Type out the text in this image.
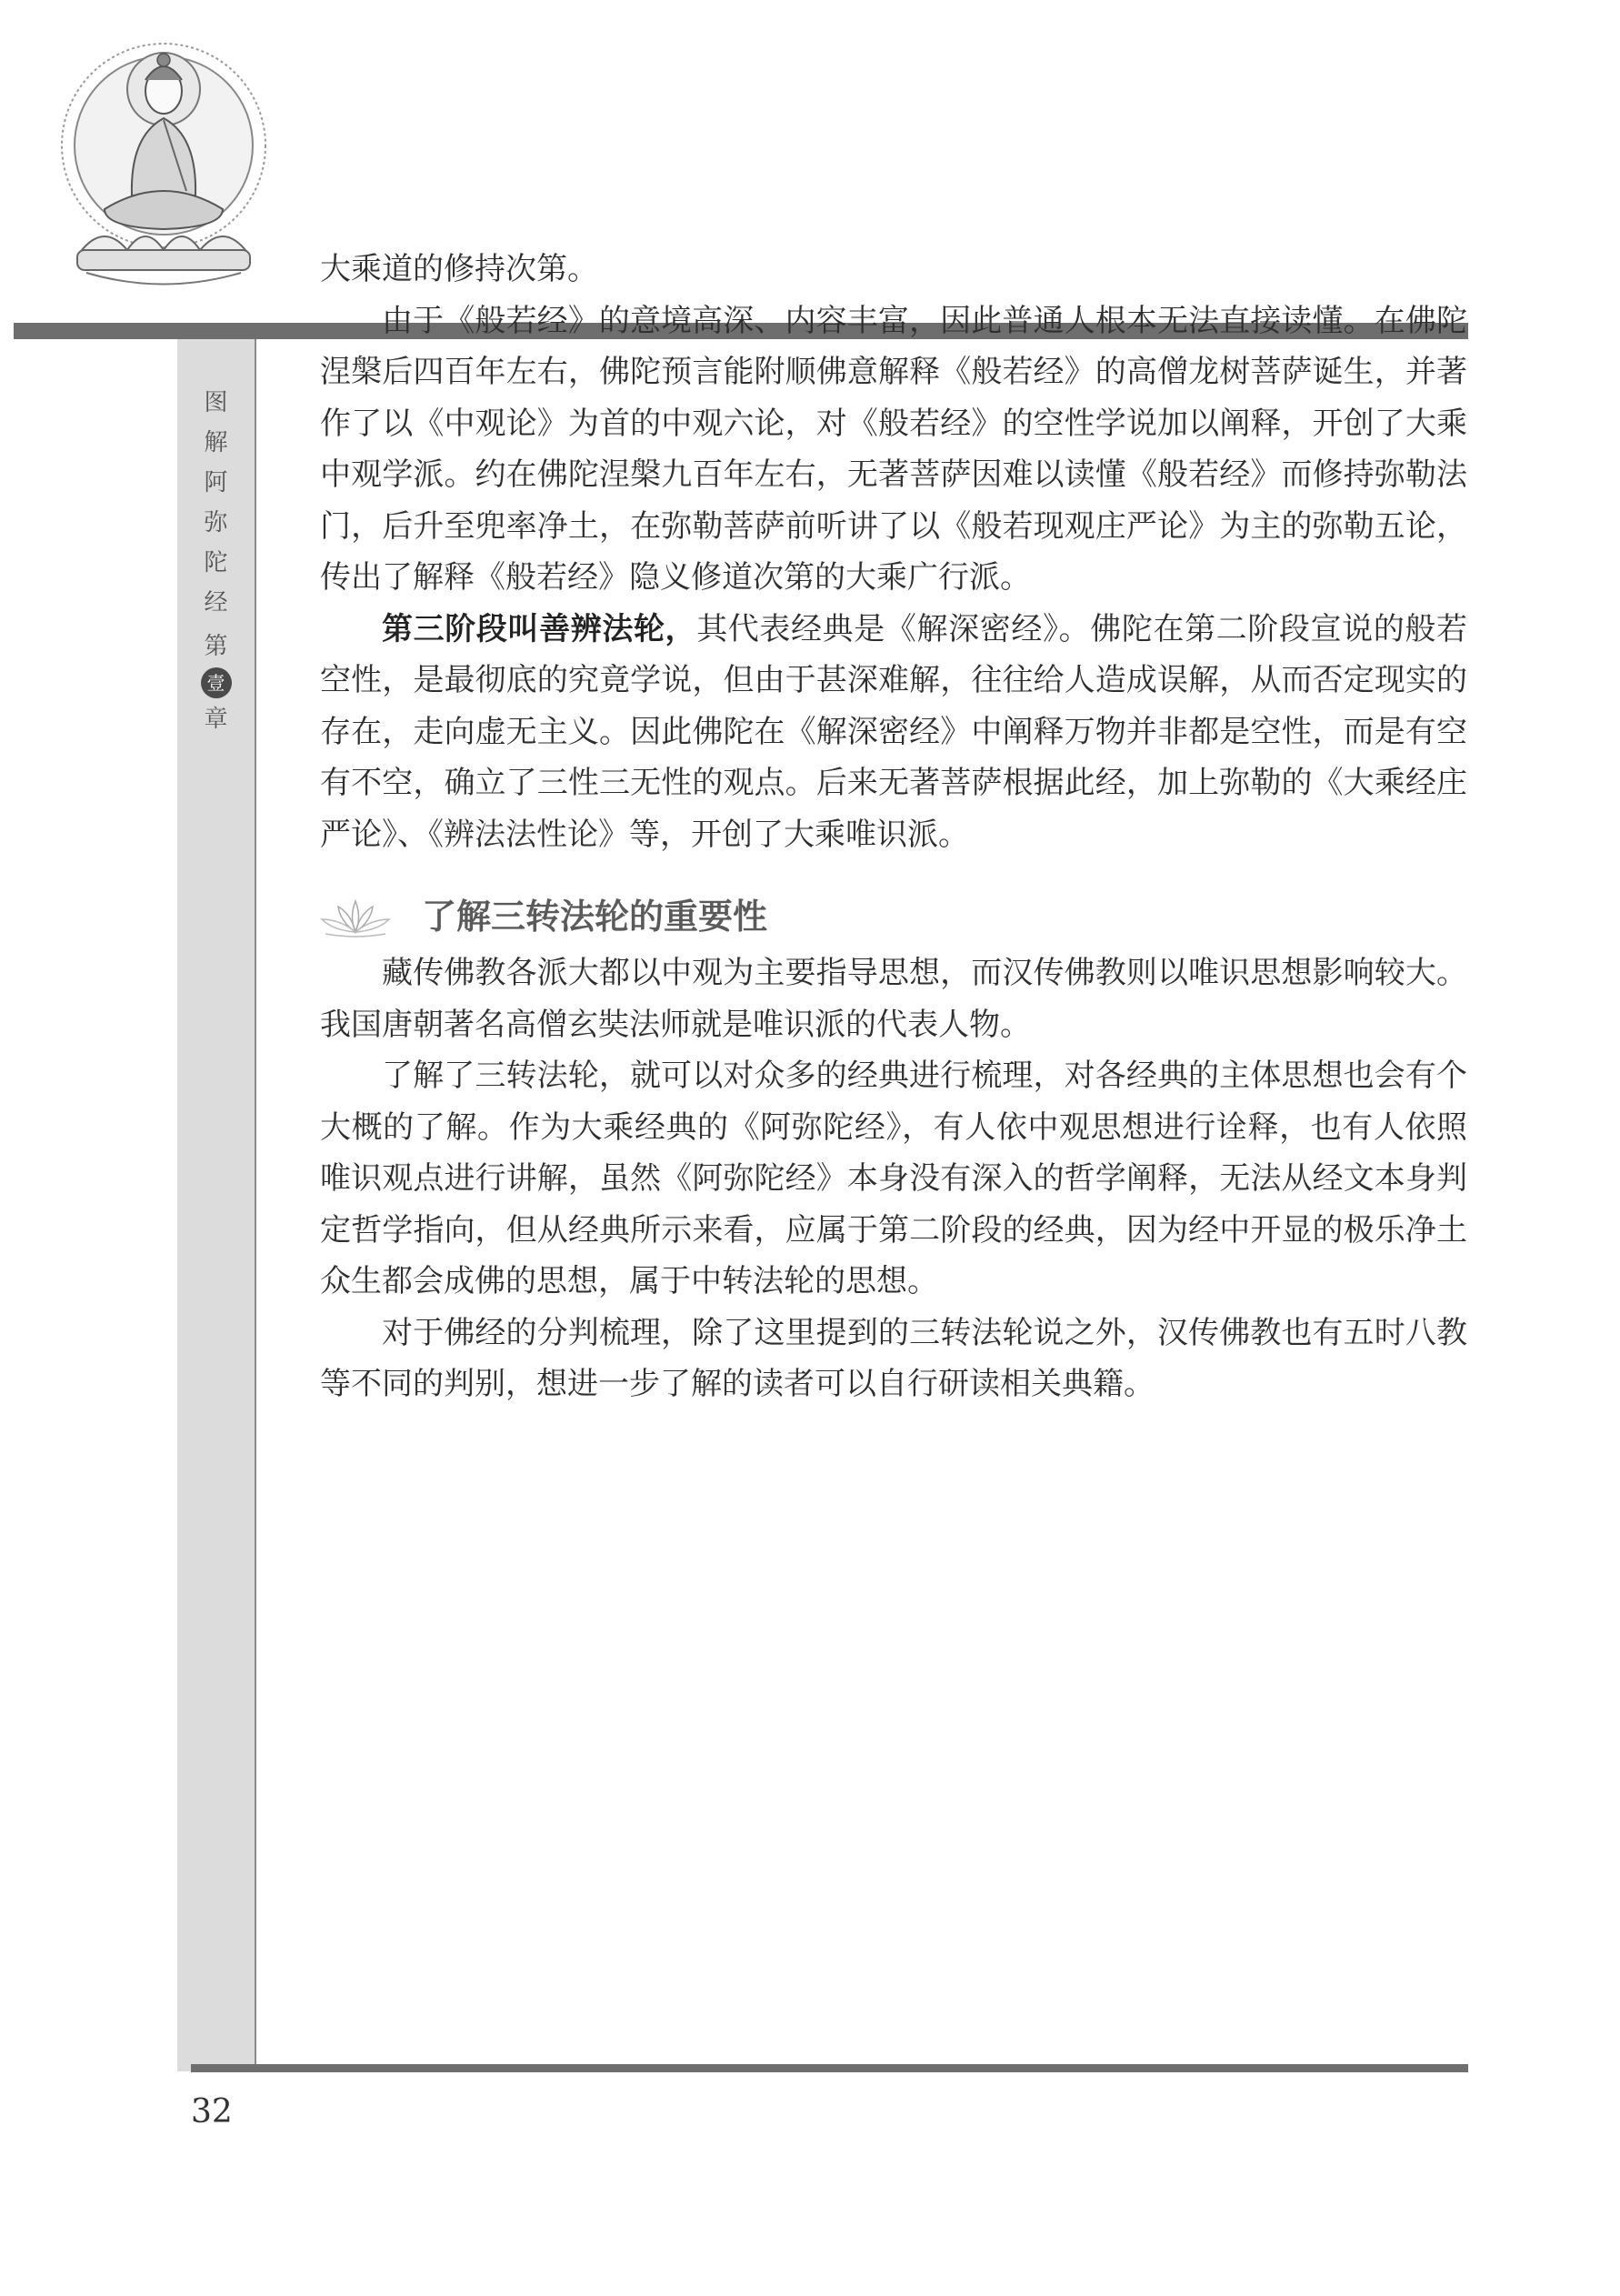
图
解
阿
弥
陀
经
第
壹
章

大乘道的修持次第。

由于《般若经》的意境高深、内容丰富，因此普通人根本无法直接读懂。在佛陀涅槃后四百年左右，佛陀预言能附顺佛意解释《般若经》的高僧龙树菩萨诞生，并著作了以《中观论》为首的中观六论，对《般若经》的空性学说加以阐释，开创了大乘中观学派。约在佛陀涅槃九百年左右，无著菩萨因难以读懂《般若经》而修持弥勒法门，后升至兜率净土，在弥勒菩萨前听讲了以《般若现观庄严论》为主的弥勒五论，传出了解释《般若经》隐义修道次第的大乘广行派。

第三阶段叫善辨法轮，其代表经典是《解深密经》。佛陀在第二阶段宣说的般若空性，是最彻底的究竟学说，但由于甚深难解，往往给人造成误解，从而否定现实的存在，走向虚无主义。因此佛陀在《解深密经》中阐释万物并非都是空性，而是有空有不空，确立了三性三无性的观点。后来无著菩萨根据此经，加上弥勒的《大乘经庄严论》、《辨法法性论》等，开创了大乘唯识派。

了解三转法轮的重要性

藏传佛教各派大都以中观为主要指导思想，而汉传佛教则以唯识思想影响较大。我国唐朝著名高僧玄奘法师就是唯识派的代表人物。

了解了三转法轮，就可以对众多的经典进行梳理，对各经典的主体思想也会有个大概的了解。作为大乘经典的《阿弥陀经》，有人依中观思想进行诠释，也有人依照唯识观点进行讲解，虽然《阿弥陀经》本身没有深入的哲学阐释，无法从经文本身判定哲学指向，但从经典所示来看，应属于第二阶段的经典，因为经中开显的极乐净土众生都会成佛的思想，属于中转法轮的思想。

对于佛经的分判梳理，除了这里提到的三转法轮说之外，汉传佛教也有五时八教等不同的判别，想进一步了解的读者可以自行研读相关典籍。

32
